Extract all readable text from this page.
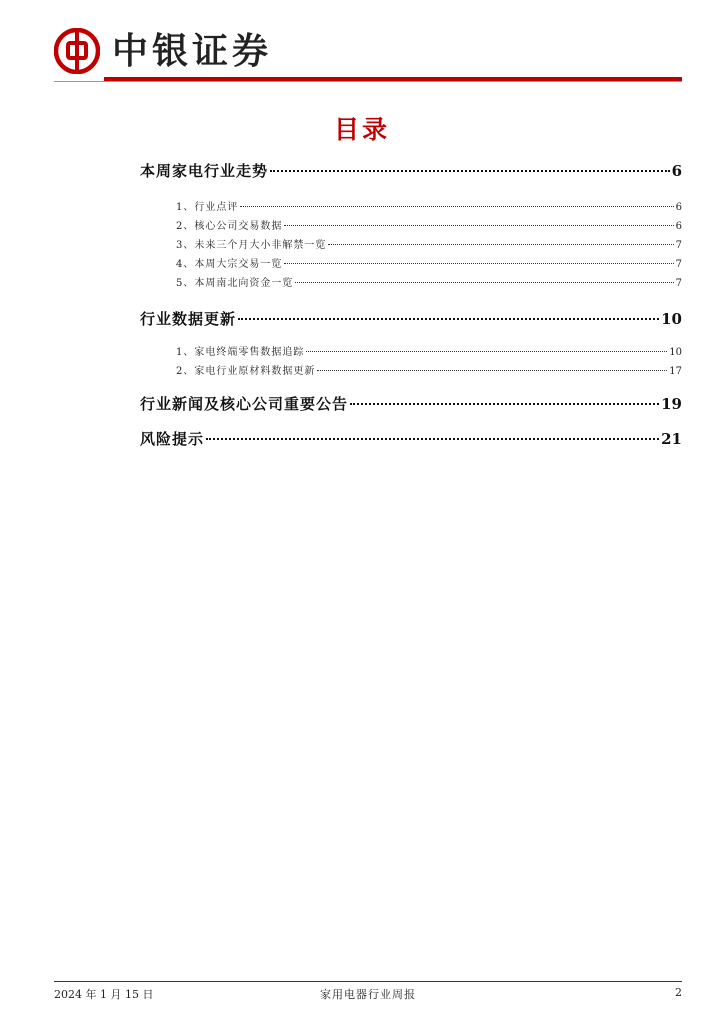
中银证券
目录
本周家电行业走势	6
1、行业点评	6
2、核心公司交易数据	6
3、未来三个月大小非解禁一览	7
4、本周大宗交易一览	7
5、本周南北向资金一览	7
行业数据更新	10
1、家电终端零售数据追踪	10
2、家电行业原材料数据更新	17
行业新闻及核心公司重要公告	19
风险提示	21
2024 年 1 月 15 日	家用电器行业周报	2
